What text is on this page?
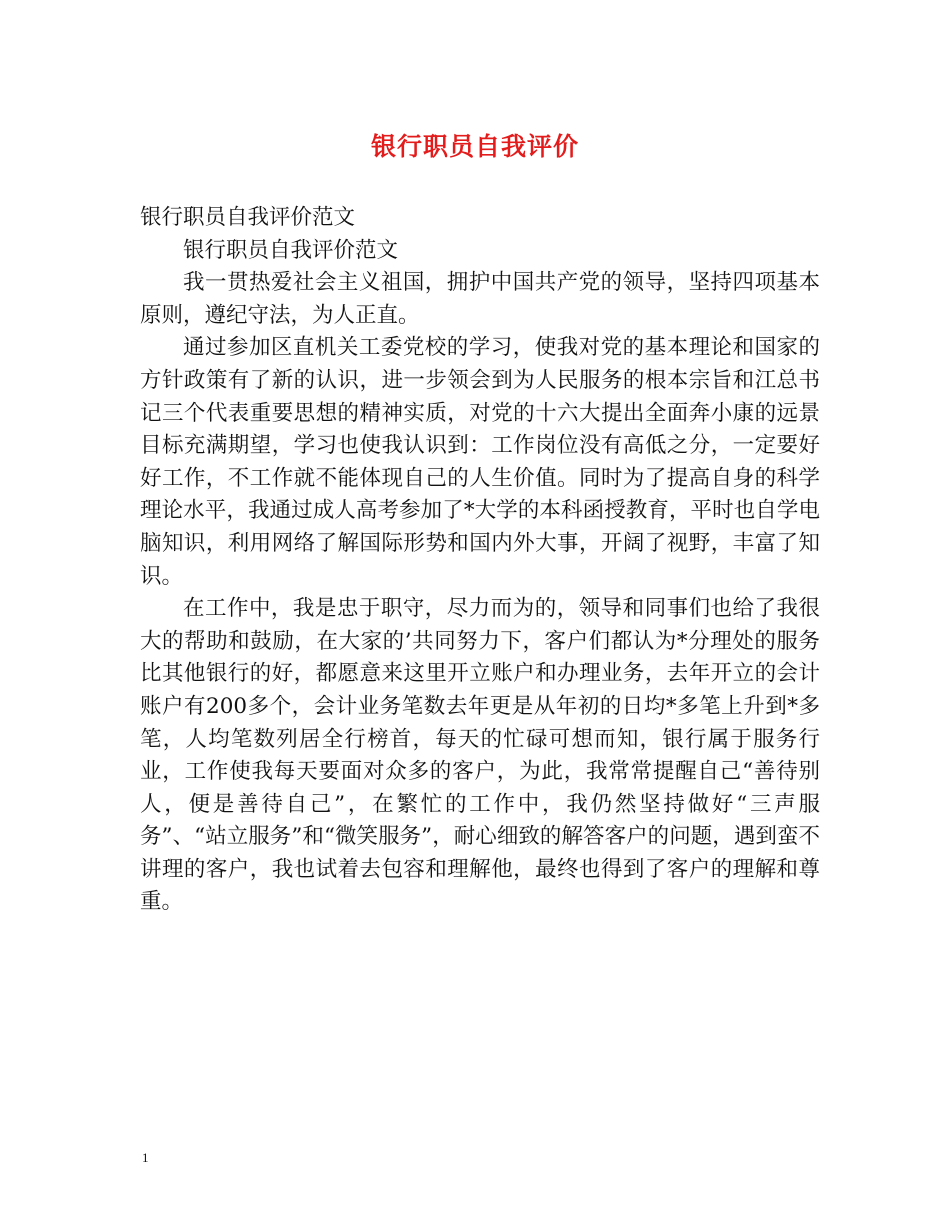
银行职员自我评价

银行职员自我评价范文

银行职员自我评价范文

我一贯热爱社会主义祖国，拥护中国共产党的领导，坚持四项基本原则，遵纪守法，为人正直。

通过参加区直机关工委党校的学习，使我对党的基本理论和国家的方针政策有了新的认识，进一步领会到为人民服务的根本宗旨和江总书记三个代表重要思想的精神实质，对党的十六大提出全面奔小康的远景目标充满期望，学习也使我认识到：工作岗位没有高低之分，一定要好好工作，不工作就不能体现自己的人生价值。同时为了提高自身的科学理论水平，我通过成人高考参加了*大学的本科函授教育，平时也自学电脑知识，利用网络了解国际形势和国内外大事，开阔了视野，丰富了知识。

在工作中，我是忠于职守，尽力而为的，领导和同事们也给了我很大的帮助和鼓励，在大家的’共同努力下，客户们都认为*分理处的服务比其他银行的好，都愿意来这里开立账户和办理业务，去年开立的会计账户有200多个，会计业务笔数去年更是从年初的日均*多笔上升到*多笔，人均笔数列居全行榜首，每天的忙碌可想而知，银行属于服务行业，工作使我每天要面对众多的客户，为此，我常常提醒自己“善待别人，便是善待自己”，在繁忙的工作中，我仍然坚持做好“三声服务”、“站立服务”和“微笑服务”，耐心细致的解答客户的问题，遇到蛮不讲理的客户，我也试着去包容和理解他，最终也得到了客户的理解和尊重。

1
